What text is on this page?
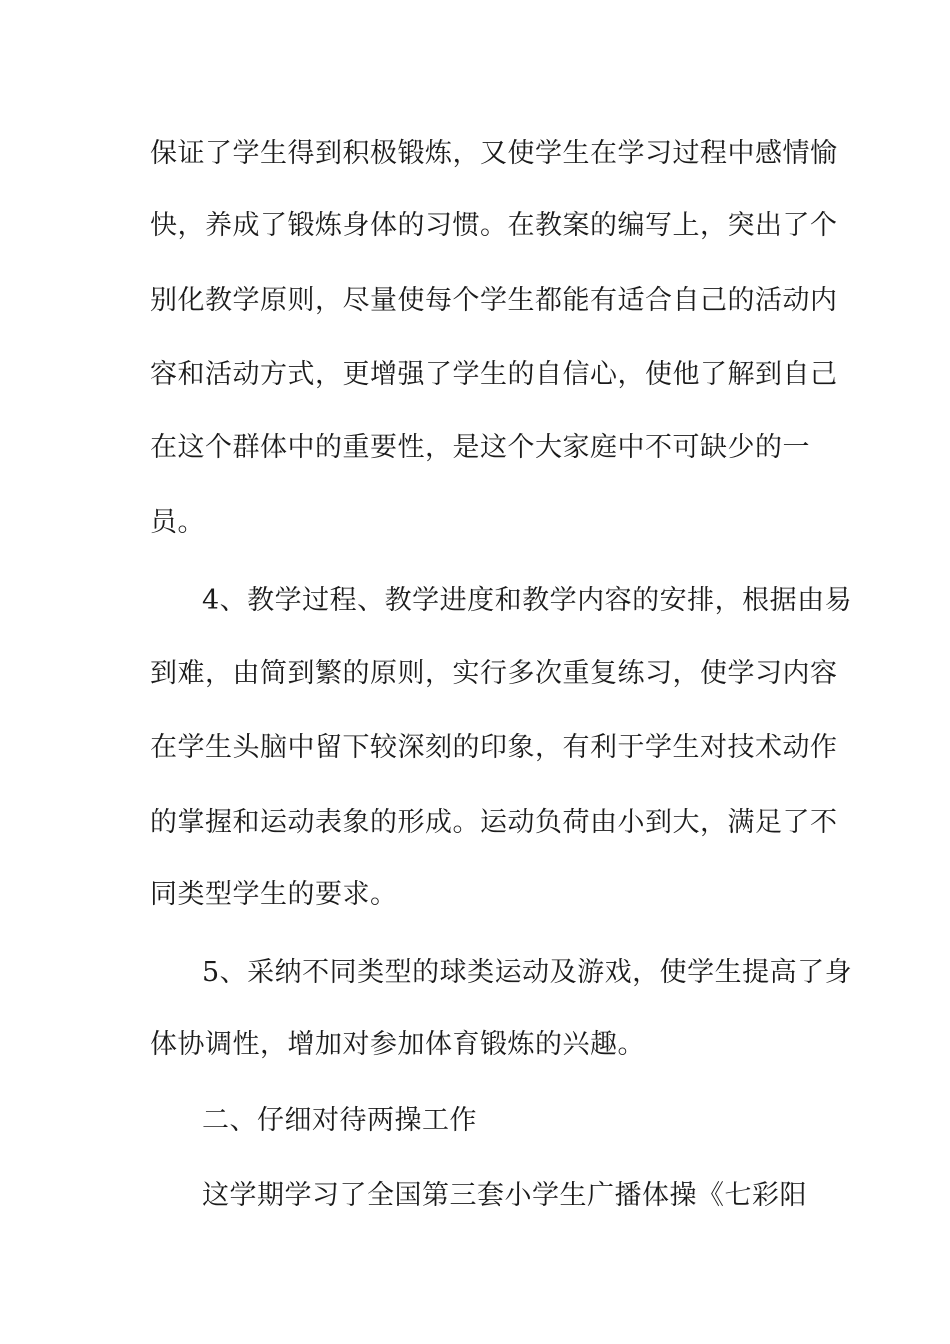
保证了学生得到积极锻炼，又使学生在学习过程中感情愉

快，养成了锻炼身体的习惯。在教案的编写上，突出了个

别化教学原则，尽量使每个学生都能有适合自己的活动内

容和活动方式，更增强了学生的自信心，使他了解到自己

在这个群体中的重要性，是这个大家庭中不可缺少的一

员。

4、教学过程、教学进度和教学内容的安排，根据由易

到难，由简到繁的原则，实行多次重复练习，使学习内容

在学生头脑中留下较深刻的印象，有利于学生对技术动作

的掌握和运动表象的形成。运动负荷由小到大，满足了不

同类型学生的要求。

5、采纳不同类型的球类运动及游戏，使学生提高了身

体协调性，增加对参加体育锻炼的兴趣。

二、仔细对待两操工作

这学期学习了全国第三套小学生广播体操《七彩阳
